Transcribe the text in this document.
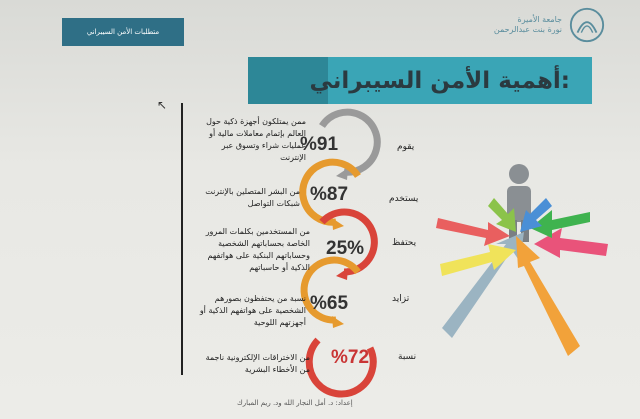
متطلبات الأمن السيبراني
جامعة الأميرة
نورة بنت عبدالرحمن
أهمية الأمن السيبراني:
↖
ممن يمتلكون أجهزة ذكية حول العالم بإتمام معاملات مالية أو عمليات شراء وتسوق عبر الإنترنت
%91	يقوم
من البشر المتصلين بالإنترنت شبكات التواصل %87	يستخدم
من المستخدمين بكلمات المرور الخاصة بحساباتهم الشخصية وحساباتهم البنكية على هواتفهم الذكية أو حاسباتهم
25%	يحتفظ
نسبة من يحتفظون بصورهم الشخصية على هواتفهم الذكية أو أجهزتهم اللوحية
%65	تزايد
من الاختراقات الإلكترونية ناجمة من الأخطاء البشرية
%72	نسبة
إعداد: د. أمل النجار الله ود. ريم المبارك
